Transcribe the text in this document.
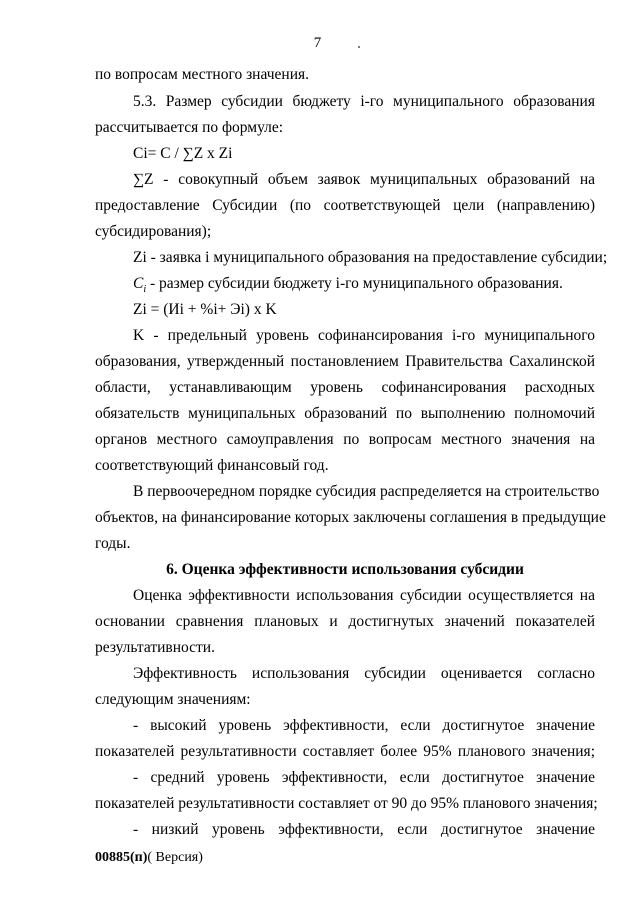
7
по вопросам местного значения.
5.3. Размер субсидии бюджету i-го муниципального образования
рассчитывается по формуле:
Ci= C / ∑Z x Zi
∑Z - совокупный объем заявок муниципальных образований на
предоставление Субсидии (по соответствующей цели (направлению)
субсидирования);
Zi - заявка i муниципального образования на предоставление субсидии;
$C_i$ - размер субсидии бюджету i-го муниципального образования.
Zi = (Иi + %i+ Эi) x K
K - предельный уровень софинансирования i-го муниципального
образования, утвержденный постановлением Правительства Сахалинской
области, устанавливающим уровень софинансирования расходных
обязательств муниципальных образований по выполнению полномочий
органов местного самоуправления по вопросам местного значения на
соответствующий финансовый год.
В первоочередном порядке субсидия распределяется на строительство
объектов, на финансирование которых заключены соглашения в предыдущие
годы.
6. Оценка эффективности использования субсидии
Оценка эффективности использования субсидии осуществляется на
основании сравнения плановых и достигнутых значений показателей
результативности.
Эффективность использования субсидии оценивается согласно
следующим значениям:
- высокий уровень эффективности, если достигнутое значение
показателей результативности составляет более 95% планового значения;
- средний уровень эффективности, если достигнутое значение
показателей результативности составляет от 90 до 95% планового значения;
- низкий уровень эффективности, если достигнутое значение
00885(п)( Версия)
